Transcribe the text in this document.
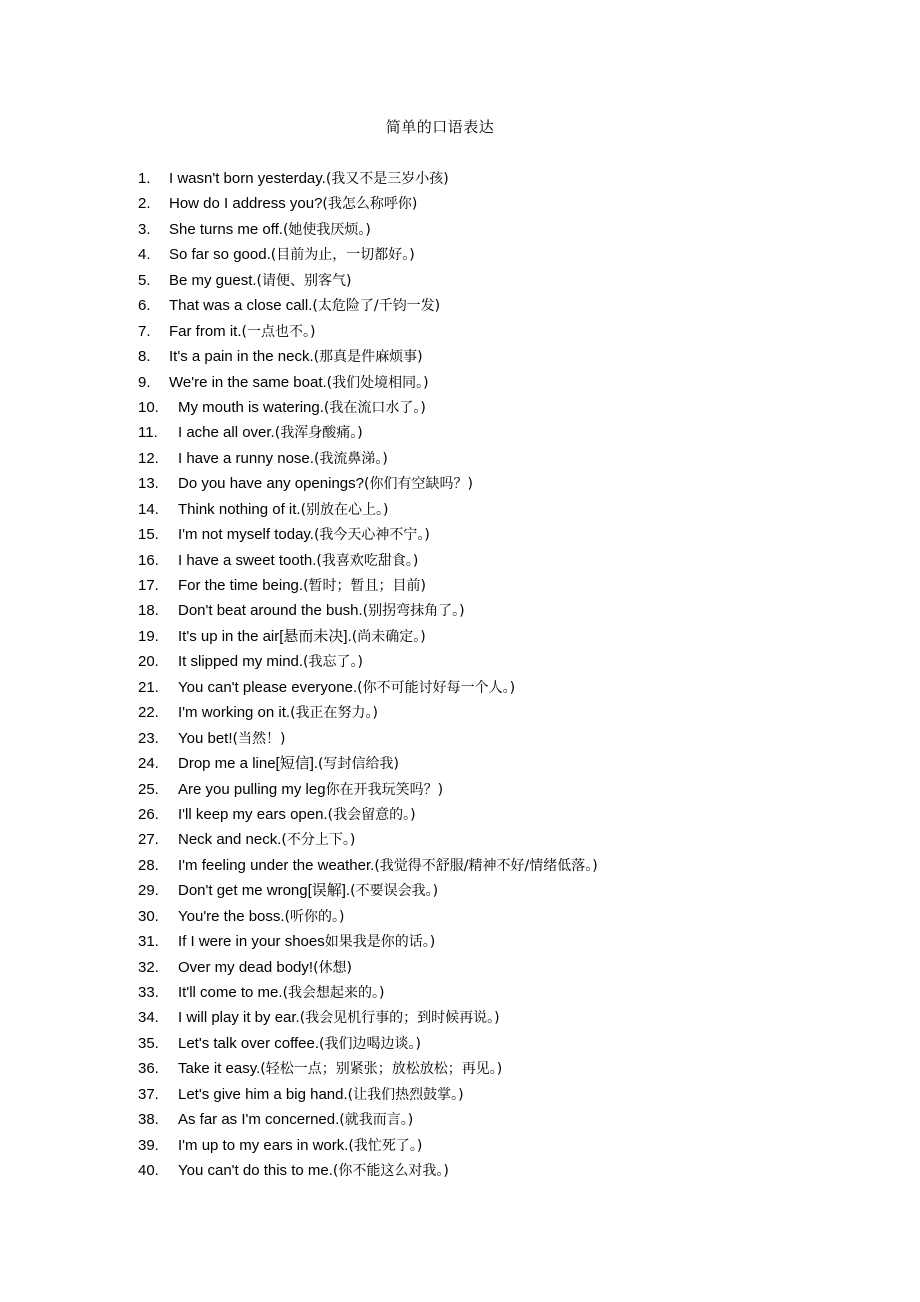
简单的口语表达
1.	I wasn't born yesterday. (我又不是三岁小孩)
2.	How do I address you? (我怎么称呼你)
3.	She turns me off. (她使我厌烦。)
4.	So far so good. (目前为止，一切都好。)
5.	Be my guest. (请便、别客气)
6.	That was a close call. (太危险了/千钧一发)
7.	Far from it. (一点也不。)
8.	It's a pain in the neck. (那真是件麻烦事)
9.	We're in the same boat. (我们处境相同。)
10.	My mouth is watering. (我在流口水了。)
11.	I ache all over. (我浑身酸痛。)
12.	I have a runny nose. (我流鼻涕。)
13.	Do you have any openings? (你们有空缺吗？)
14.	Think nothing of it. (别放在心上。)
15.	I'm not myself today. (我今天心神不宁。)
16.	I have a sweet tooth. (我喜欢吃甜食。)
17.	For the time being. (暂时；暂且；目前)
18.	Don't beat around the bush. (别拐弯抹角了。)
19.	It's up in the air[悬而未决]. (尚未确定。)
20.	It slipped my mind. (我忘了。)
21.	You can't please everyone. (你不可能讨好每一个人。)
22.	I'm working on it. (我正在努力。)
23.	You bet! (当然！)
24.	Drop me a line[短信]. (写封信给我)
25.	Are you pulling my leg 你在开我玩笑吗？)
26.	I'll keep my ears open. (我会留意的。)
27.	Neck and neck. (不分上下。)
28.	I'm feeling under the weather. (我觉得不舒服/精神不好/情绪低落。)
29.	Don't get me wrong[误解]. (不要误会我。)
30.	You're the boss. (听你的。)
31.	If I were in your shoes 如果我是你的话。)
32.	Over my dead body! (休想)
33.	It'll come to me. (我会想起来的。)
34.	I will play it by ear. (我会见机行事的；到时候再说。)
35.	Let's talk over coffee. (我们边喝边谈。)
36.	Take it easy. (轻松一点；别紧张；放松放松；再见。)
37.	Let's give him a big hand. (让我们热烈鼓掌。)
38.	As far as I'm concerned. (就我而言。)
39.	I'm up to my ears in work. (我忙死了。)
40.	You can't do this to me. (你不能这么对我。)
